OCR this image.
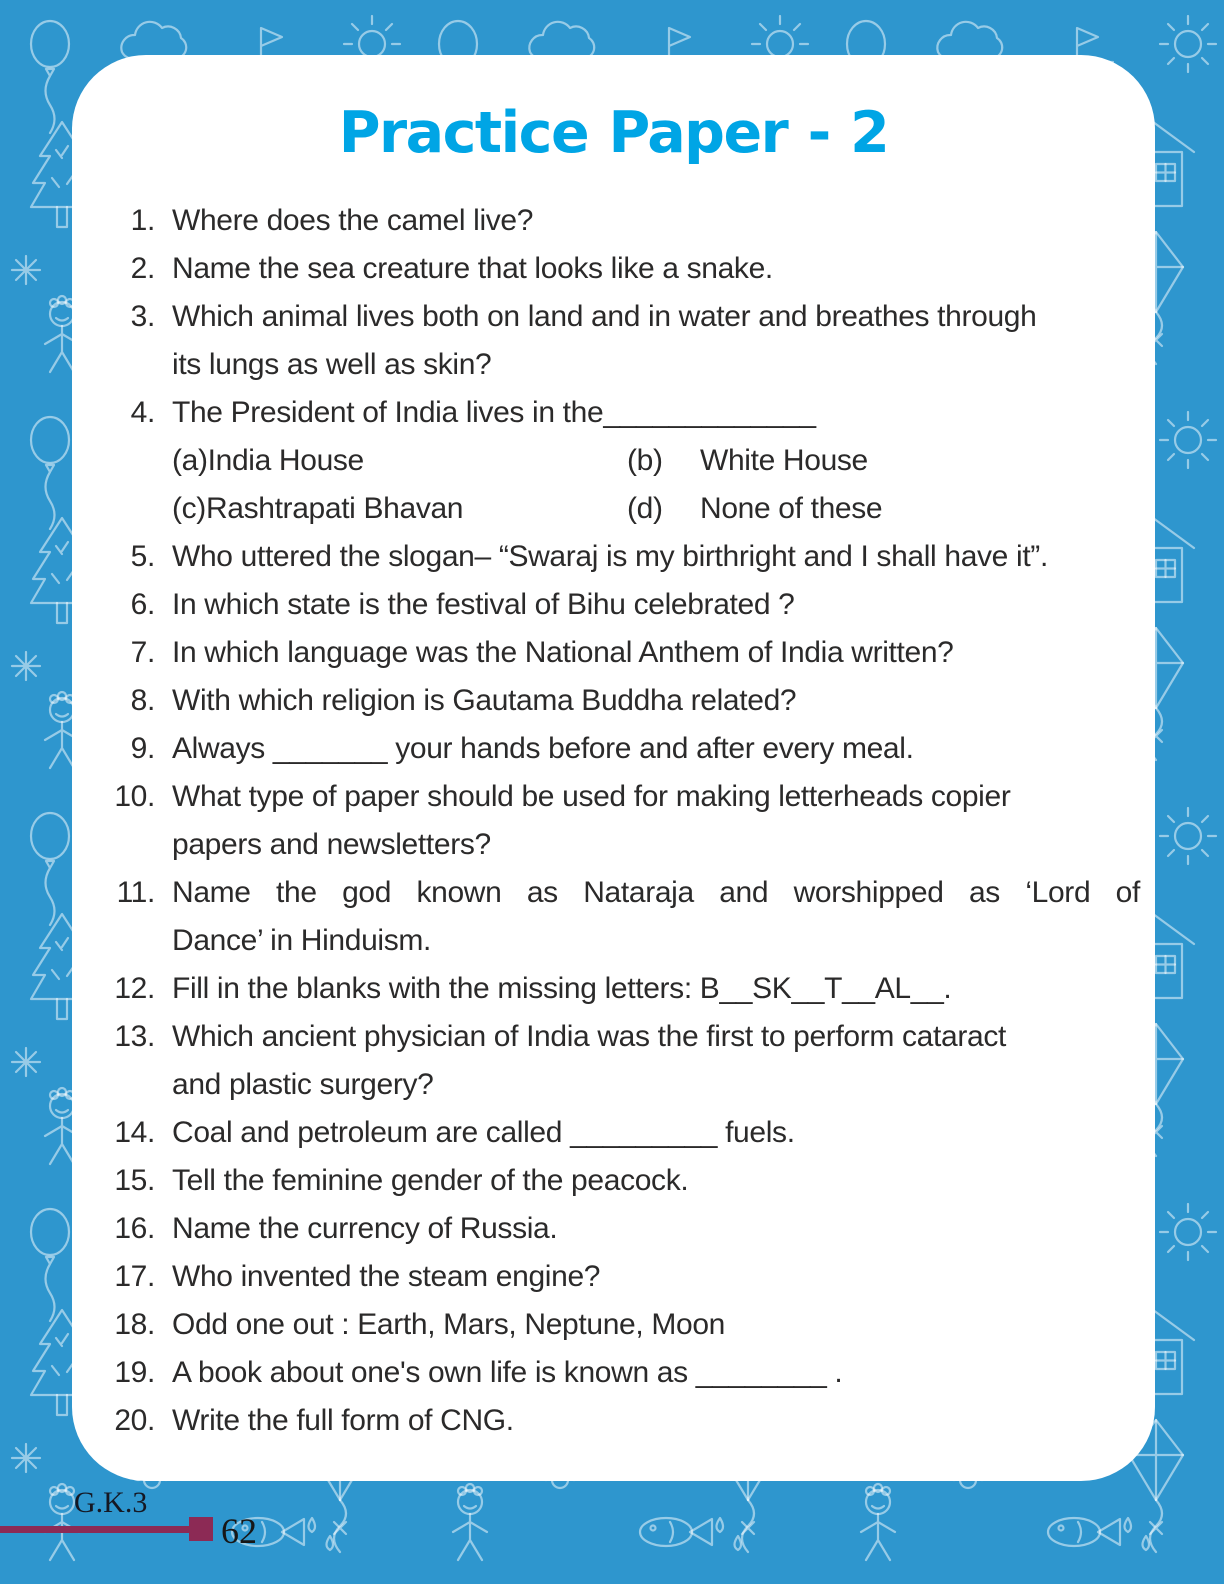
Practice Paper - 2
1. Where does the camel live?
2. Name the sea creature that looks like a snake.
3. Which animal lives both on land and in water and breathes through
its lungs as well as skin?
4. The President of India lives in the_____________
(a)India House	(b)	White House
(c)Rashtrapati Bhavan	(d)	None of these
5. Who uttered the slogan– “Swaraj is my birthright and I shall have it”.
6. In which state is the festival of Bihu celebrated ?
7. In which language was the National Anthem of India written?
8. With which religion is Gautama Buddha related?
9. Always _______ your hands before and after every meal.
10. What type of paper should be used for making letterheads copier
papers and newsletters?
11. Name the god known as Nataraja and worshipped as ‘Lord of
Dance’ in Hinduism.
12. Fill in the blanks with the missing letters: B__SK__T__AL__.
13. Which ancient physician of India was the first to perform cataract
and plastic surgery?
14. Coal and petroleum are called _________ fuels.
15. Tell the feminine gender of the peacock.
16. Name the currency of Russia.
17. Who invented the steam engine?
18. Odd one out : Earth, Mars, Neptune, Moon
19. A book about one's own life is known as ________ .
20. Write the full form of CNG.
G.K.3
62
